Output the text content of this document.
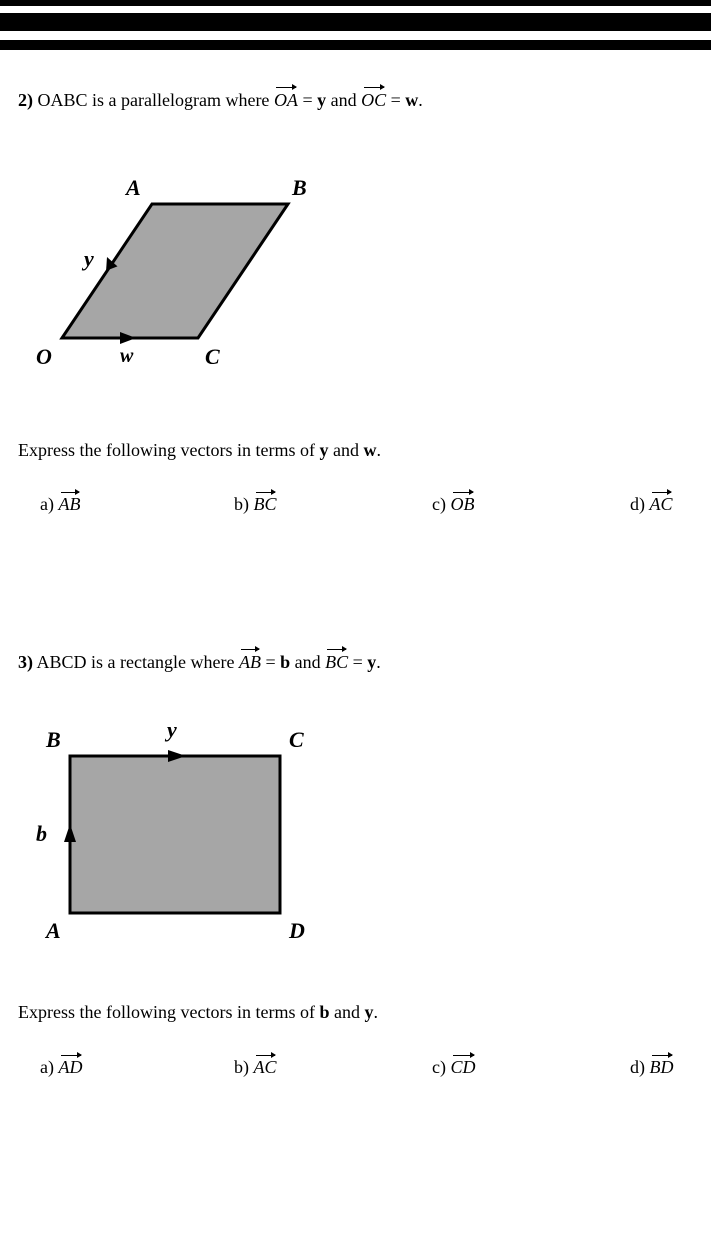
2) OABC is a parallelogram where OA = y and OC = w.
A	B
O	C
y
w
Express the following vectors in terms of y and w.
a) AB	b) BC	c) OB	d) AC
3) ABCD is a rectangle where AB = b and BC = y.
B	C
A	D
y
b
Express the following vectors in terms of b and y.
a) AD	b) AC	c) CD	d) BD
